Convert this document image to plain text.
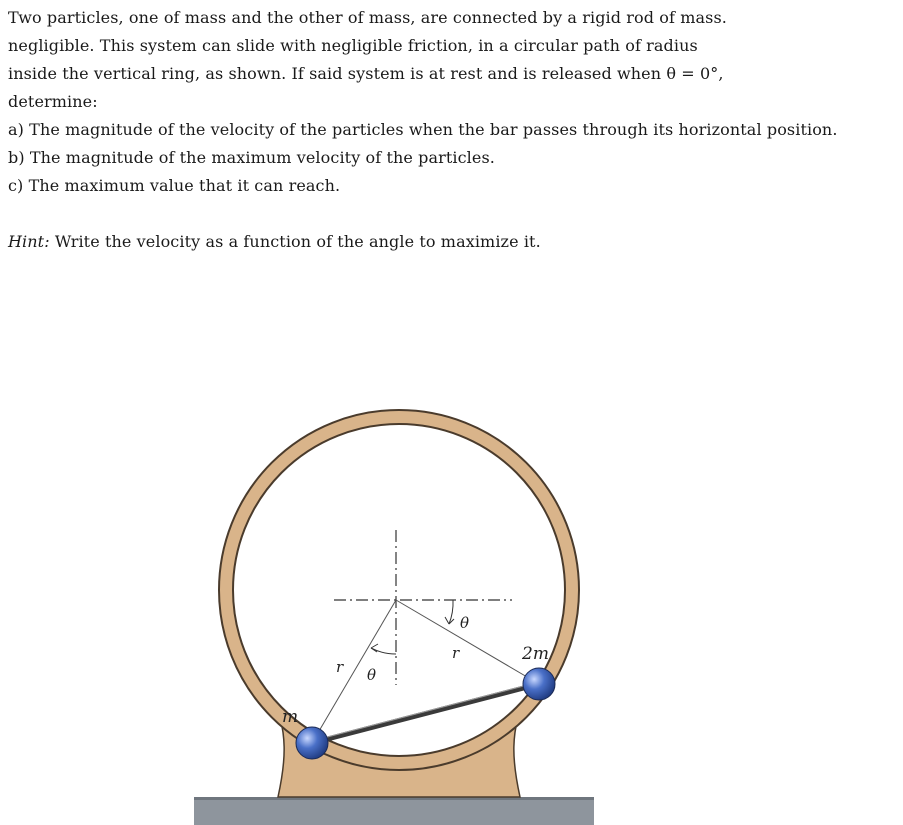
Two particles, one of mass and the other of mass, are connected by a rigid rod of mass.
negligible. This system can slide with negligible friction, in a circular path of radius
inside the vertical ring, as shown. If said system is at rest and is released when θ = 0°,
determine:
a) The magnitude of the velocity of the particles when the bar passes through its horizontal position.
b) The magnitude of the maximum velocity of the particles.
c) The maximum value that it can reach.
Hint: Write the velocity as a function of the angle to maximize it.
m
2m
r
r
θ
θ
